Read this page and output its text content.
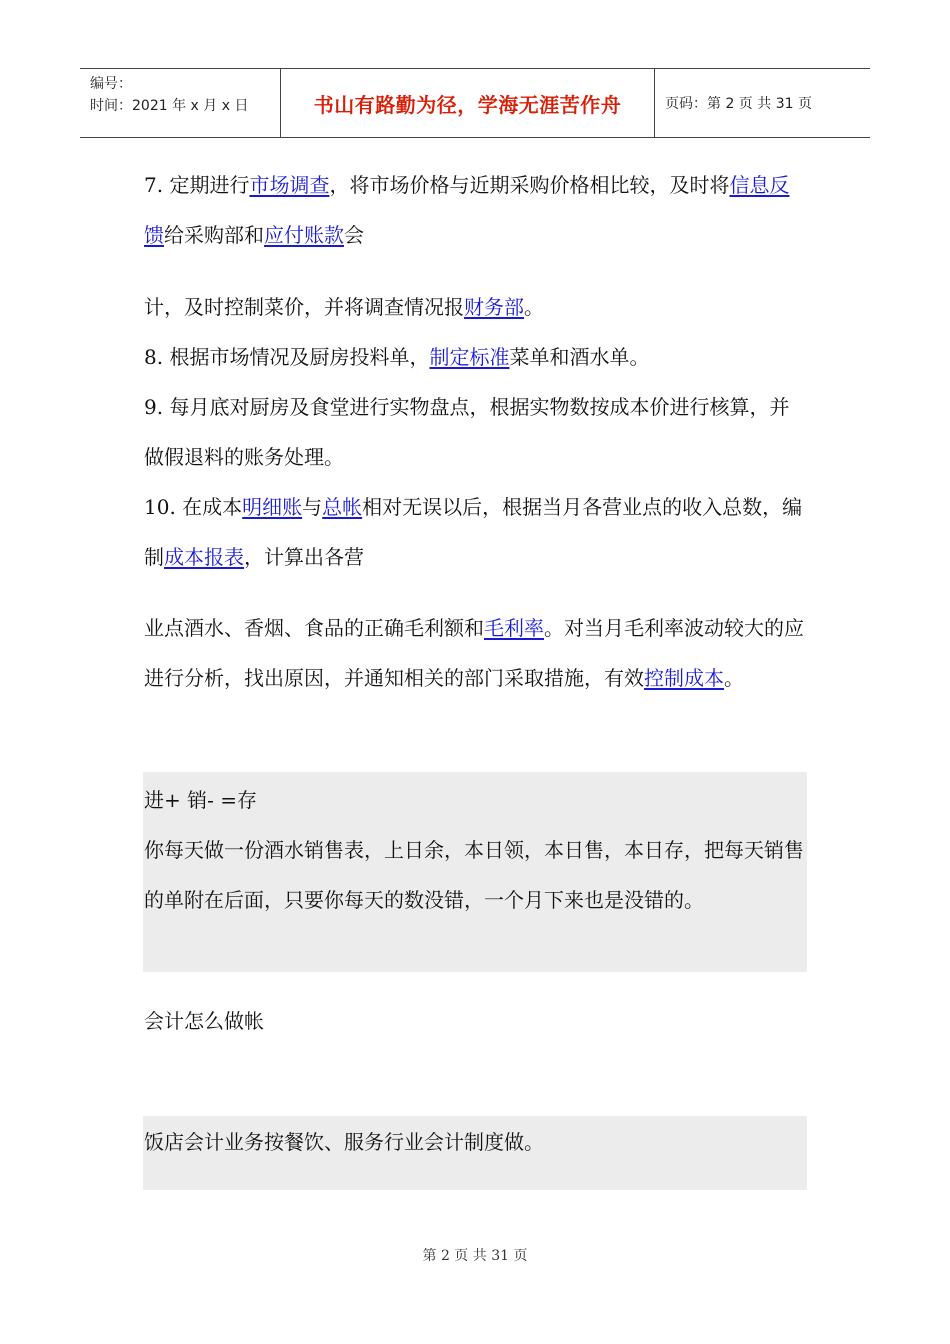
编号：
时间：2021 年 x 月 x 日	书山有路勤为径，学海无涯苦作舟	页码：第 2 页 共 31 页

7. 定期进行市场调查，将市场价格与近期采购价格相比较，及时将信息反馈给采购部和应付账款会

计，及时控制菜价，并将调查情况报财务部。

8. 根据市场情况及厨房投料单，制定标准菜单和酒水单。

9. 每月底对厨房及食堂进行实物盘点，根据实物数按成本价进行核算，并做假退料的账务处理。

10. 在成本明细账与总帐相对无误以后，根据当月各营业点的收入总数，编制成本报表，计算出各营

业点酒水、香烟、食品的正确毛利额和毛利率。对当月毛利率波动较大的应进行分析，找出原因，并通知相关的部门采取措施，有效控制成本。

进+ 销- =存

你每天做一份酒水销售表，上日余，本日领，本日售，本日存，把每天销售的单附在后面，只要你每天的数没错，一个月下来也是没错的。

会计怎么做帐

饭店会计业务按餐饮、服务行业会计制度做。

第 2 页 共 31 页
